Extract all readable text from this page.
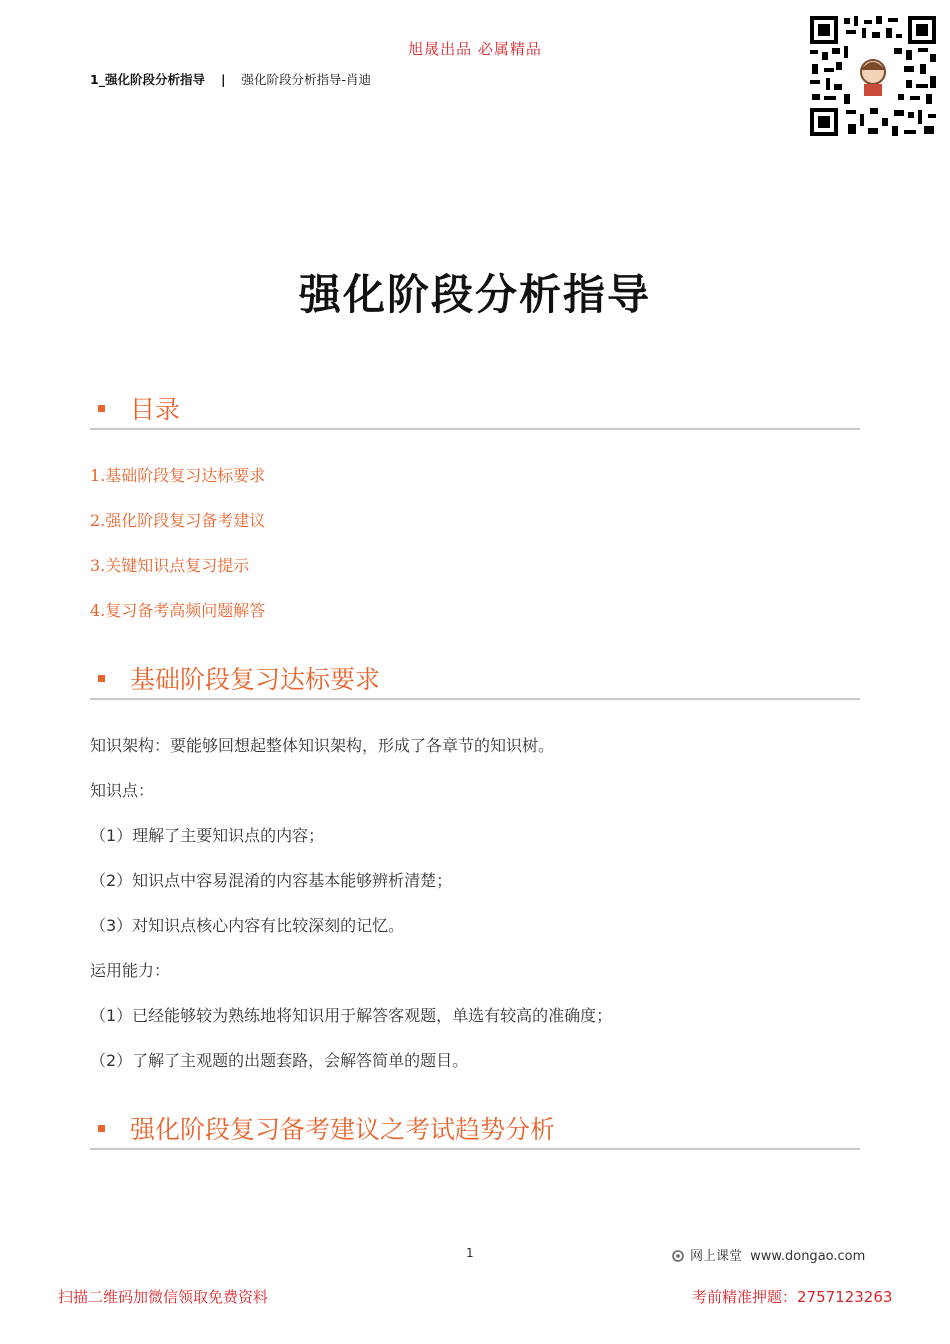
旭晟出品 必属精品
1_强化阶段分析指导 | 强化阶段分析指导-肖迪
强化阶段分析指导
目录
1.基础阶段复习达标要求
2.强化阶段复习备考建议
3.关键知识点复习提示
4.复习备考高频问题解答
基础阶段复习达标要求
知识架构：要能够回想起整体知识架构，形成了各章节的知识树。
知识点：
（1）理解了主要知识点的内容；
（2）知识点中容易混淆的内容基本能够辨析清楚；
（3）对知识点核心内容有比较深刻的记忆。
运用能力：
（1）已经能够较为熟练地将知识用于解答客观题，单选有较高的准确度；
（2）了解了主观题的出题套路，会解答简单的题目。
强化阶段复习备考建议之考试趋势分析
1	网上课堂 www.dongao.com
扫描二维码加微信领取免费资料	考前精准押题：2757123263
